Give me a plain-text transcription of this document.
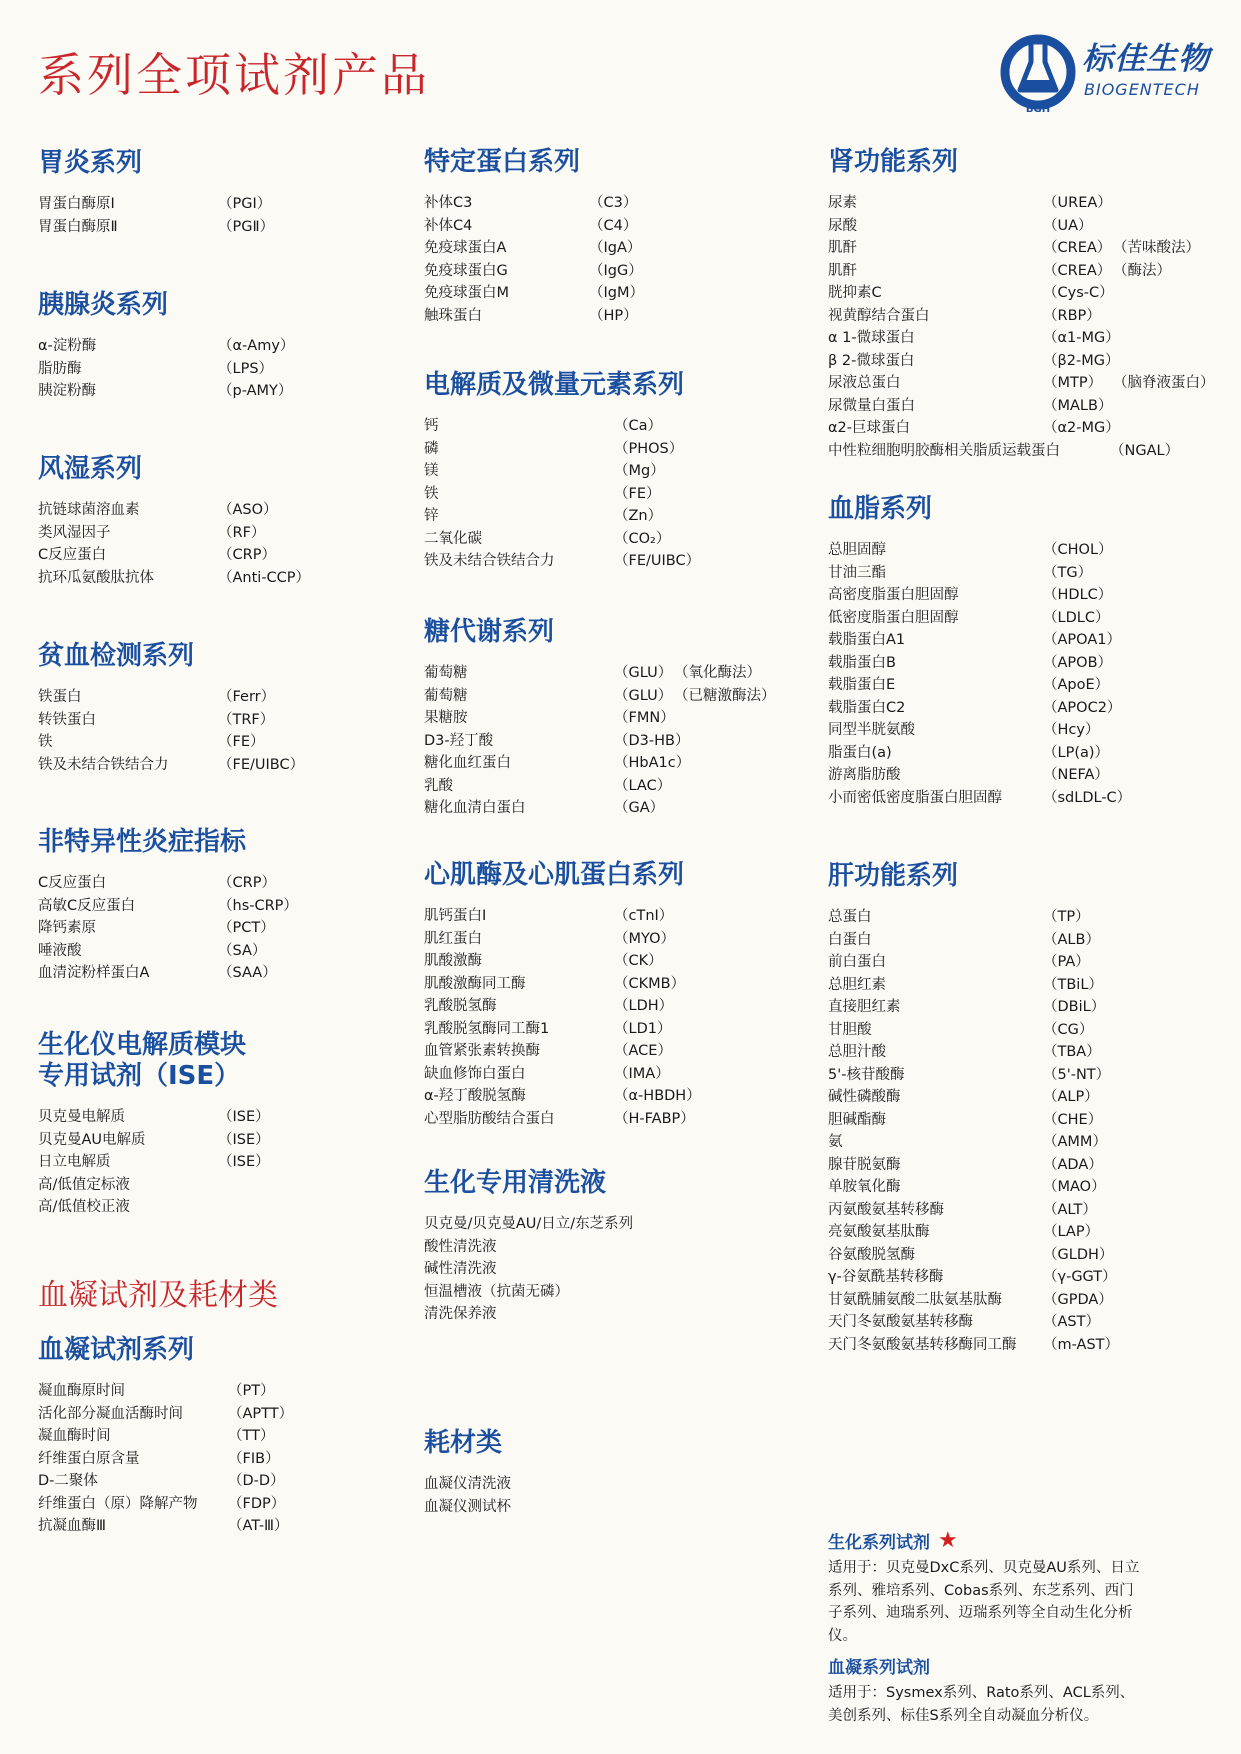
系列全项试剂产品
BGH
标佳生物
BIOGENTECH
胃炎系列
胃蛋白酶原Ⅰ	（PGⅠ）
胃蛋白酶原Ⅱ	（PGⅡ）
胰腺炎系列
α-淀粉酶	（α-Amy）
脂肪酶	（LPS）
胰淀粉酶	（p-AMY）
风湿系列
抗链球菌溶血素	（ASO）
类风湿因子	（RF）
C反应蛋白	（CRP）
抗环瓜氨酸肽抗体	（Anti-CCP）
贫血检测系列
铁蛋白	（Ferr）
转铁蛋白	（TRF）
铁	（FE）
铁及未结合铁结合力	（FE/UIBC）
非特异性炎症指标
C反应蛋白	（CRP）
高敏C反应蛋白	（hs-CRP）
降钙素原	（PCT）
唾液酸	（SA）
血清淀粉样蛋白A	（SAA）
生化仪电解质模块
专用试剂（ISE）
贝克曼电解质	（ISE）
贝克曼AU电解质	（ISE）
日立电解质	（ISE）
高/低值定标液
高/低值校正液
血凝试剂及耗材类
血凝试剂系列
凝血酶原时间	（PT）
活化部分凝血活酶时间	（APTT）
凝血酶时间	（TT）
纤维蛋白原含量	（FIB）
D-二聚体	（D-D）
纤维蛋白（原）降解产物 （FDP）
抗凝血酶Ⅲ	（AT-Ⅲ）
特定蛋白系列
补体C3	（C3）
补体C4	（C4）
免疫球蛋白A	（IgA）
免疫球蛋白G	（IgG）
免疫球蛋白M	（IgM）
触珠蛋白	（HP）
电解质及微量元素系列
钙	（Ca）
磷	（PHOS）
镁	（Mg）
铁	（FE）
锌	（Zn）
二氧化碳	（CO₂）
铁及未结合铁结合力	（FE/UIBC）
糖代谢系列
葡萄糖	（GLU） （氧化酶法）
葡萄糖	（GLU） （已糖激酶法）
果糖胺	（FMN）
D3-羟丁酸	（D3-HB）
糖化血红蛋白	（HbA1c）
乳酸	（LAC）
糖化血清白蛋白	（GA）
心肌酶及心肌蛋白系列
肌钙蛋白Ⅰ	（cTnⅠ）
肌红蛋白	（MYO）
肌酸激酶	（CK）
肌酸激酶同工酶	（CKMB）
乳酸脱氢酶	（LDH）
乳酸脱氢酶同工酶1	（LD1）
血管紧张素转换酶	（ACE）
缺血修饰白蛋白	（IMA）
α-羟丁酸脱氢酶	（α-HBDH）
心型脂肪酸结合蛋白	（H-FABP）
生化专用清洗液
贝克曼/贝克曼AU/日立/东芝系列
酸性清洗液
碱性清洗液
恒温槽液（抗菌无磷）
清洗保养液
耗材类
血凝仪清洗液
血凝仪测试杯
肾功能系列
尿素	（UREA）
尿酸	（UA）
肌酐	（CREA） （苦味酸法）
肌酐	（CREA） （酶法）
胱抑素C	（Cys-C）
视黄醇结合蛋白	（RBP）
α 1-微球蛋白	（α1-MG）
β 2-微球蛋白	（β2-MG）
尿液总蛋白	（MTP） （脑脊液蛋白）
尿微量白蛋白	（MALB）
α2-巨球蛋白	（α2-MG）
中性粒细胞明胶酶相关脂质运载蛋白	（NGAL）
血脂系列
总胆固醇	（CHOL）
甘油三酯	（TG）
高密度脂蛋白胆固醇	（HDLC）
低密度脂蛋白胆固醇	（LDLC）
载脂蛋白A1	（APOA1）
载脂蛋白B	（APOB）
载脂蛋白E	（ApoE）
载脂蛋白C2	（APOC2）
同型半胱氨酸	（Hcy）
脂蛋白(a)	（LP(a)）
游离脂肪酸	（NEFA）
小而密低密度脂蛋白胆固醇	（sdLDL-C）
肝功能系列
总蛋白	（TP）
白蛋白	（ALB）
前白蛋白	（PA）
总胆红素	（TBiL）
直接胆红素	（DBiL）
甘胆酸	（CG）
总胆汁酸	（TBA）
5'-核苷酸酶	（5'-NT）
碱性磷酸酶	（ALP）
胆碱酯酶	（CHE）
氨	（AMM）
腺苷脱氨酶	（ADA）
单胺氧化酶	（MAO）
丙氨酸氨基转移酶	（ALT）
亮氨酸氨基肽酶	（LAP）
谷氨酸脱氢酶	（GLDH）
γ-谷氨酰基转移酶	（γ-GGT）
甘氨酰脯氨酸二肽氨基肽酶	（GPDA）
天门冬氨酸氨基转移酶	（AST）
天门冬氨酸氨基转移酶同工酶 （m-AST）
生化系列试剂 ★
适用于：贝克曼DxC系列、贝克曼AU系列、日立系列、雅培系列、Cobas系列、东芝系列、西门子系列、迪瑞系列、迈瑞系列等全自动生化分析仪。
血凝系列试剂
适用于：Sysmex系列、Rato系列、ACL系列、美创系列、标佳S系列全自动凝血分析仪。
